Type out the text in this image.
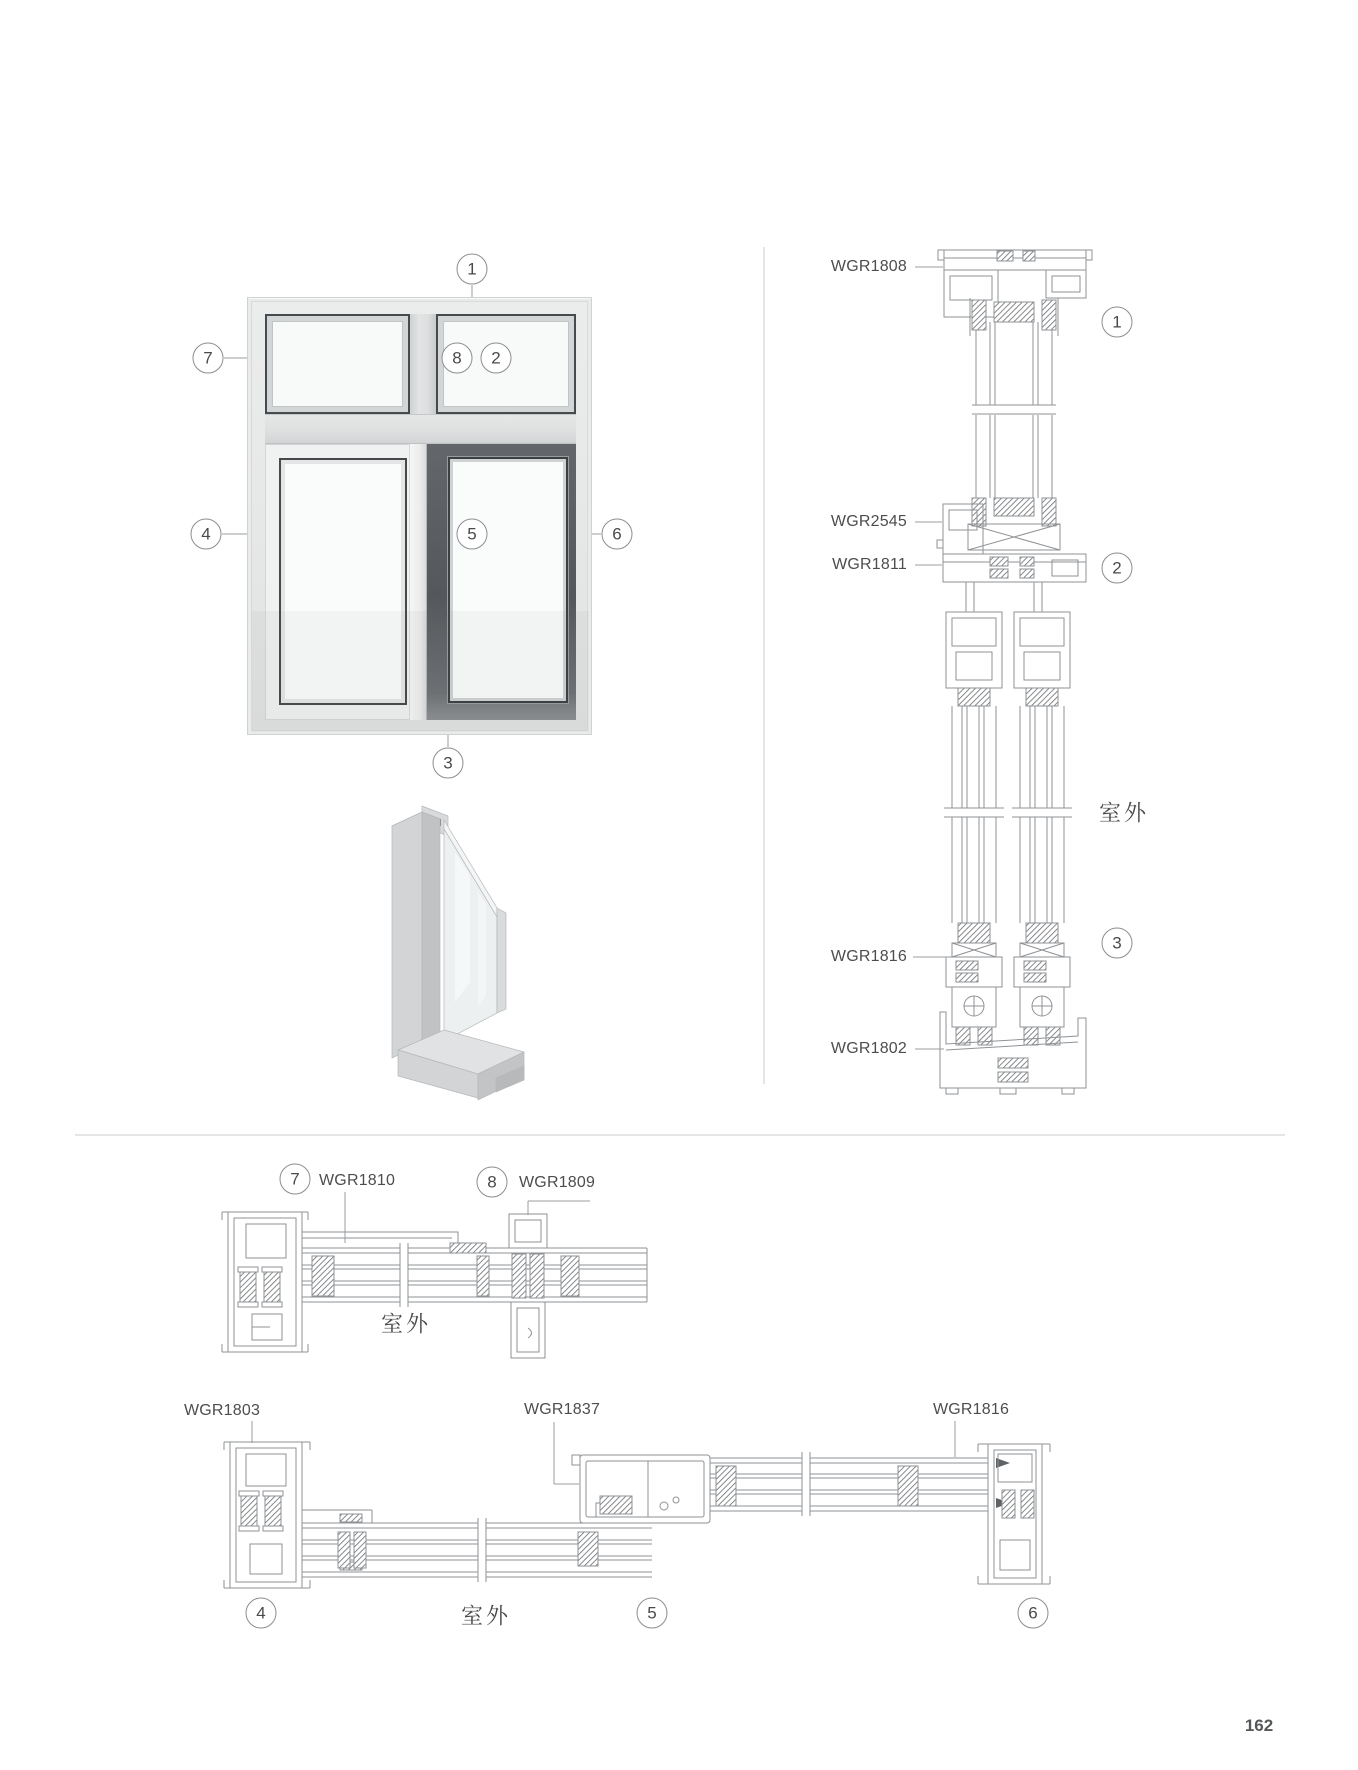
1
7	8 2
4	5	6
3
WGR1808
WGR2545
WGR1811
WGR1816
WGR1802
1
2
3
室外
7 WGR1810	8 WGR1809
室外
WGR1803	WGR1837	WGR1816
4	5	6
室外
162
